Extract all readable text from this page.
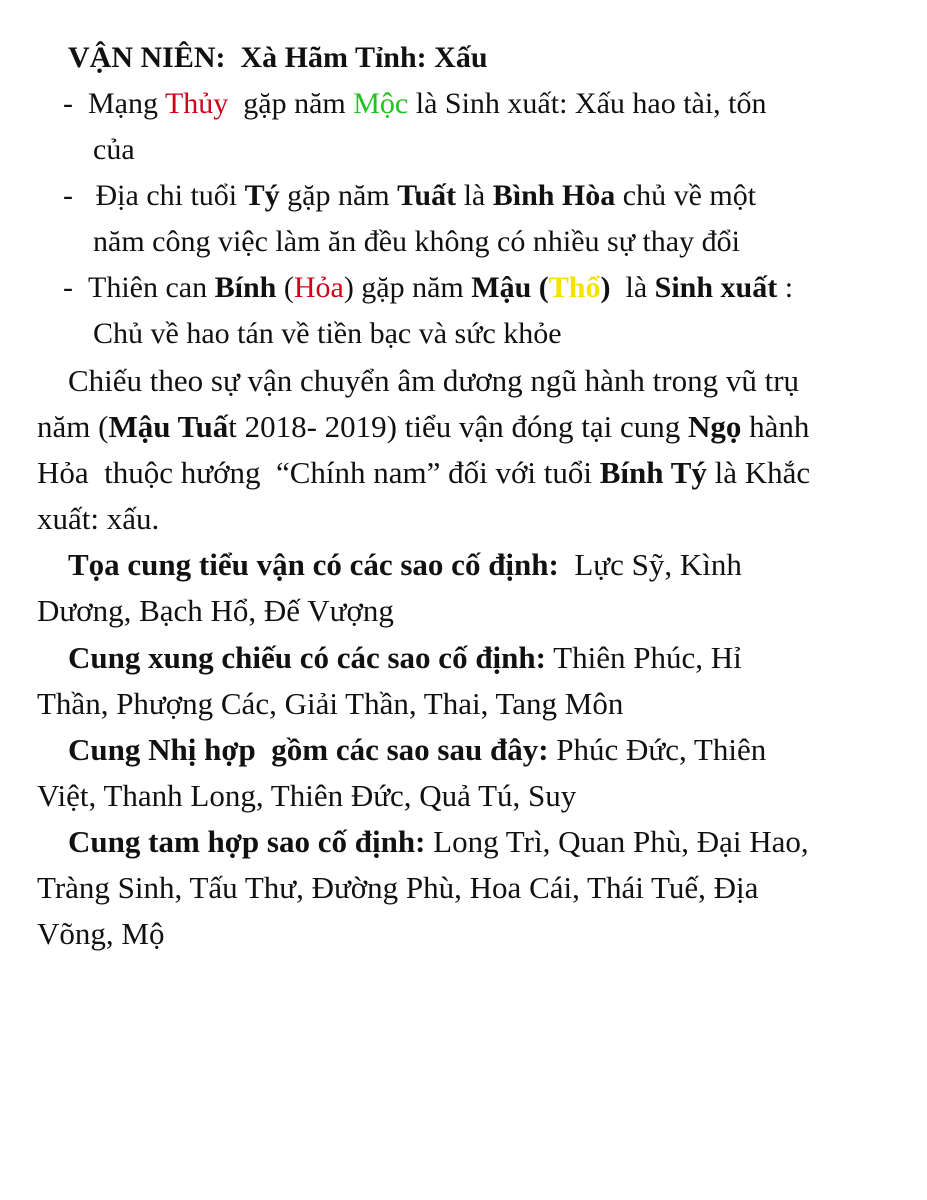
VẬN NIÊN: Xà Hãm Tỉnh: Xấu
- Mạng Thủy  gặp năm Mộc là Sinh xuất: Xấu hao tài, tốn
của
-   Địa chi tuổi Tý gặp năm Tuất là Bình Hòa chủ về một
năm công việc làm ăn đều không có nhiều sự thay đổi
- Thiên can Bính (Hỏa) gặp năm Mậu (Thổ)  là Sinh xuất :
Chủ về hao tán về tiền bạc và sức khỏe
Chiếu theo sự vận chuyển âm dương ngũ hành trong vũ trụ
năm (Mậu Tuất 2018- 2019) tiểu vận đóng tại cung Ngọ hành
Hỏa  thuộc hướng  “Chính nam” đối với tuổi Bính Tý là Khắc
xuất: xấu.
Tọa cung tiểu vận có các sao cố định:  Lực Sỹ, Kình
Dương, Bạch Hổ, Đế Vượng
Cung xung chiếu có các sao cố định: Thiên Phúc, Hỉ
Thần, Phượng Các, Giải Thần, Thai, Tang Môn
Cung Nhị hợp  gồm các sao sau đây: Phúc Đức, Thiên
Việt, Thanh Long, Thiên Đức, Quả Tú, Suy
Cung tam hợp sao cố định: Long Trì, Quan Phù, Đại Hao,
Tràng Sinh, Tấu Thư, Đường Phù, Hoa Cái, Thái Tuế, Địa
Võng, Mộ
